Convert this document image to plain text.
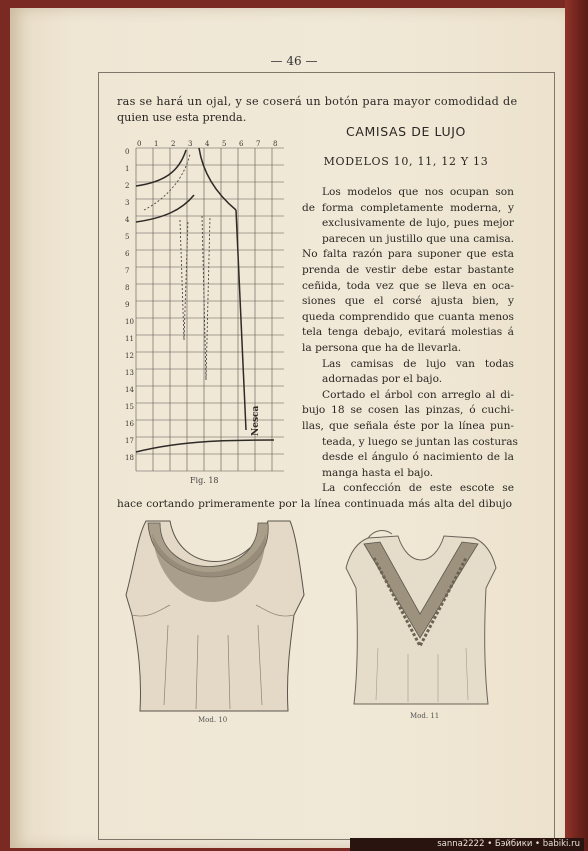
— 46 —
ras se hará un ojal, y se coserá un botón para mayor comodidad de
quien use esta prenda.
CAMISAS DE LUJO
MODELOS 10, 11, 12 Y 13
Los modelos que nos ocupan son
de forma completamente moderna, y
exclusivamente de lujo, pues mejor
parecen un justillo que una camisa.
No falta razón para suponer que esta
prenda de vestir debe estar bastante
ceñida, toda vez que se lleva en oca-
siones que el corsé ajusta bien, y
queda comprendido que cuanta menos
tela tenga debajo, evitará molestias á
la persona que ha de llevarla.
Las camisas de lujo van todas
adornadas por el bajo.
Cortado el árbol con arreglo al di-
bujo 18 se cosen las pinzas, ó cuchi-
llas, que señala éste por la línea pun-
teada, y luego se juntan las costuras
desde el ángulo ó nacimiento de la
manga hasta el bajo.
La confección de este escote se
hace cortando primeramente por la línea continuada más alta del dibujo
0
1
2
3
4
5
6
7
8
9
10
11
12
13
14
15
16
17
18
0 1 2 3 4 5 6 7 8
Nesca
Fig. 18
Mod. 10	Mod. 11
sanna2222 • Бэйбики • babiki.ru
